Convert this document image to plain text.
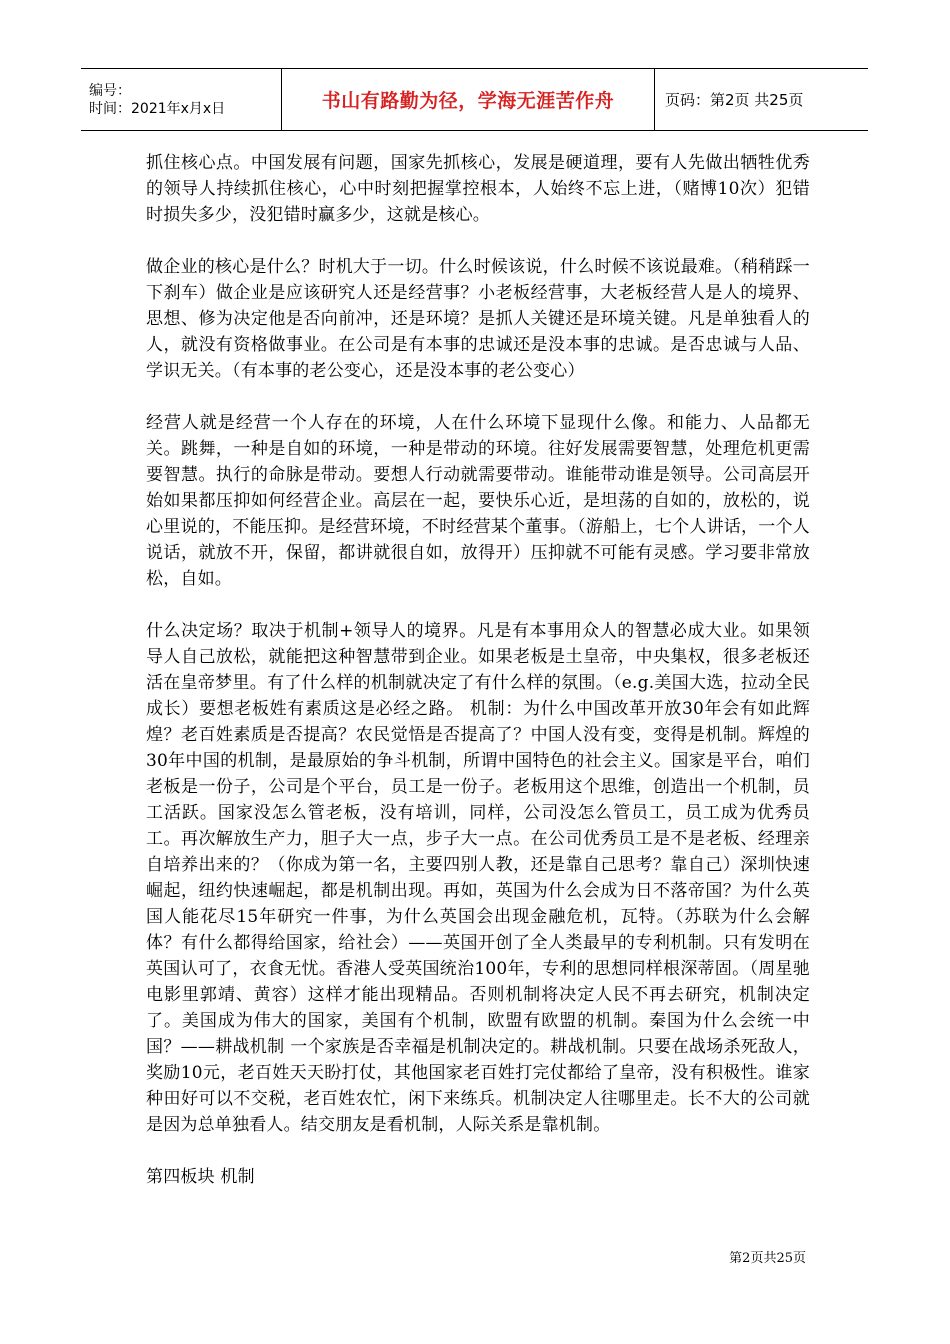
编号：
时间：2021年x月x日	书山有路勤为径，学海无涯苦作舟	页码：第2页 共25页

抓住核心点。中国发展有问题，国家先抓核心，发展是硬道理，要有人先做出牺牲优秀的领导人持续抓住核心，心中时刻把握掌控根本，人始终不忘上进，（赌博10次）犯错时损失多少，没犯错时赢多少，这就是核心。

做企业的核心是什么？时机大于一切。什么时候该说，什么时候不该说最难。（稍稍踩一下刹车）做企业是应该研究人还是经营事？小老板经营事，大老板经营人是人的境界、思想、修为决定他是否向前冲，还是环境？是抓人关键还是环境关键。凡是单独看人的人，就没有资格做事业。在公司是有本事的忠诚还是没本事的忠诚。是否忠诚与人品、学识无关。（有本事的老公变心，还是没本事的老公变心）

经营人就是经营一个人存在的环境，人在什么环境下显现什么像。和能力、人品都无关。跳舞，一种是自如的环境，一种是带动的环境。往好发展需要智慧，处理危机更需要智慧。执行的命脉是带动。要想人行动就需要带动。谁能带动谁是领导。公司高层开始如果都压抑如何经营企业。高层在一起，要快乐心近，是坦荡的自如的，放松的，说心里说的，不能压抑。是经营环境，不时经营某个董事。（游船上，七个人讲话，一个人说话，就放不开，保留，都讲就很自如，放得开）压抑就不可能有灵感。学习要非常放松，自如。

什么决定场？取决于机制+领导人的境界。凡是有本事用众人的智慧必成大业。如果领导人自己放松，就能把这种智慧带到企业。如果老板是土皇帝，中央集权，很多老板还活在皇帝梦里。有了什么样的机制就决定了有什么样的氛围。（e.g.美国大选，拉动全民成长）要想老板姓有素质这是必经之路。 机制：为什么中国改革开放30年会有如此辉煌？老百姓素质是否提高？农民觉悟是否提高了？中国人没有变，变得是机制。辉煌的30年中国的机制，是最原始的争斗机制，所谓中国特色的社会主义。国家是平台，咱们老板是一份子，公司是个平台，员工是一份子。老板用这个思维，创造出一个机制，员工活跃。国家没怎么管老板，没有培训，同样，公司没怎么管员工，员工成为优秀员工。再次解放生产力，胆子大一点，步子大一点。在公司优秀员工是不是老板、经理亲自培养出来的？（你成为第一名，主要四别人教，还是靠自己思考？靠自己）深圳快速崛起，纽约快速崛起，都是机制出现。再如，英国为什么会成为日不落帝国？为什么英国人能花尽15年研究一件事，为什么英国会出现金融危机，瓦特。（苏联为什么会解体？有什么都得给国家，给社会）——英国开创了全人类最早的专利机制。只有发明在英国认可了，衣食无忧。香港人受英国统治100年，专利的思想同样根深蒂固。（周星驰电影里郭靖、黄容）这样才能出现精品。否则机制将决定人民不再去研究，机制决定了。美国成为伟大的国家，美国有个机制，欧盟有欧盟的机制。秦国为什么会统一中国？——耕战机制 一个家族是否幸福是机制决定的。耕战机制。只要在战场杀死敌人，奖励10元，老百姓天天盼打仗，其他国家老百姓打完仗都给了皇帝，没有积极性。谁家种田好可以不交税，老百姓农忙，闲下来练兵。机制决定人往哪里走。长不大的公司就是因为总单独看人。结交朋友是看机制，人际关系是靠机制。

第四板块 机制

第2页共25页
